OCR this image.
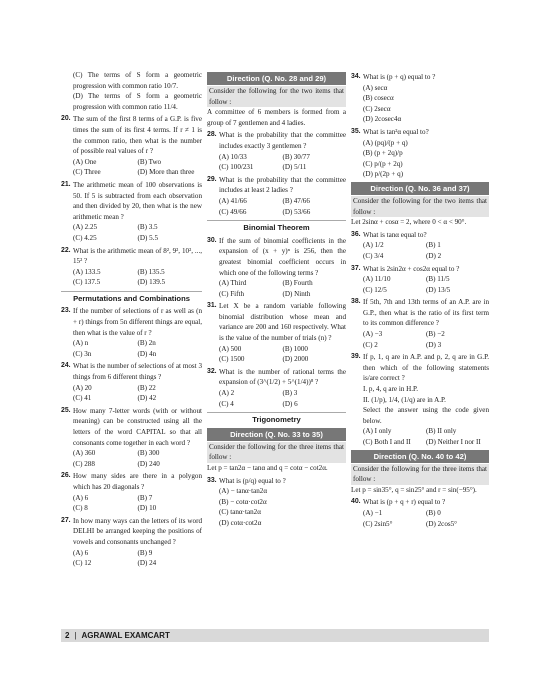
(C) The terms of S form a geometric progression with common ratio 10/7.
(D) The terms of S form a geometric progression with common ratio 11/4.
20. The sum of the first 8 terms of a G.P. is five times the sum of its first 4 terms. If r ≠ 1 is the common ratio, then what is the number of possible real values of r ?
(A) One	(B) Two
(C) Three	(D) More than three
21. The arithmetic mean of 100 observations is 50. If 5 is subtracted from each observation and then divided by 20, then what is the new arithmetic mean ?
(A) 2.25	(B) 3.5
(C) 4.25	(D) 5.5
22. What is the arithmetic mean of 8², 9², 10², ..., 15² ?
(A) 133.5	(B) 135.5
(C) 137.5	(D) 139.5
Permutations and Combinations
23. If the number of selections of r as well as (n + r) things from 5n different things are equal, then what is the value of r ?
(A) n	(B) 2n
(C) 3n	(D) 4n
24. What is the number of selections of at most 3 things from 6 different things ?
(A) 20	(B) 22
(C) 41	(D) 42
25. How many 7-letter words (with or without meaning) can be constructed using all the letters of the word CAPITAL so that all consonants come together in each word ?
(A) 360	(B) 300
(C) 288	(D) 240
26. How many sides are there in a polygon which has 20 diagonals ?
(A) 6	(B) 7
(C) 8	(D) 10
27. In how many ways can the letters of its word DELHI be arranged keeping the positions of vowels and consonants unchanged ?
(A) 6	(B) 9
(C) 12	(D) 24
Direction (Q. No. 28 and 29)
Consider the following for the two items that follow :
A committee of 6 members is formed from a group of 7 gentlemen and 4 ladies.
28. What is the probability that the committee includes exactly 3 gentlemen ?
(A) 10/33	(B) 30/77
(C) 100/231	(D) 5/11
29. What is the probability that the committee includes at least 2 ladies ?
(A) 41/66	(B) 47/66
(C) 49/66	(D) 53/66
Binomial Theorem
30. If the sum of binomial coefficients in the expansion of (x + y)ⁿ is 256, then the greatest binomial coefficient occurs in which one of the following terms ?
(A) Third	(B) Fourth
(C) Fifth	(D) Ninth
31. Let X be a random variable following binomial distribution whose mean and variance are 200 and 160 respectively. What is the value of the number of trials (n) ?
(A) 500	(B) 1000
(C) 1500	(D) 2000
32. What is the number of rational terms the expansion of (3^(1/2) + 5^(1/4))⁸ ?
(A) 2	(B) 3
(C) 4	(D) 6
Trigonometry
Direction (Q. No. 33 to 35)
Consider the following for the three items that follow :
Let p = tan2α − tanα and q = cotα − cot2α.
33. What is (p/q) equal to ?
(A) − tanα·tan2α
(B) − cotα·cot2α
(C) tanα·tan2α
(D) cotα·cot2α
34. What is (p + q) equal to ?
(A) secα
(B) cosecα
(C) 2secα
(D) 2cosec4α
35. What is tan²α equal to?
(A) (pq)/(p + q)
(B) (p + 2q)/p
(C) p/(p + 2q)
(D) p/(2p + q)
Direction (Q. No. 36 and 37)
Consider the following for the two items that follow :
Let 2sinα + cosα = 2, where 0 < α < 90°.
36. What is tanα equal to?
(A) 1/2	(B) 1
(C) 3/4	(D) 2
37. What is 2sin2α + cos2α equal to ?
(A) 11/10	(B) 11/5
(C) 12/5	(D) 13/5
38. If 5th, 7th and 13th terms of an A.P. are in G.P., then what is the ratio of its first term to its common difference ?
(A) −3	(B) −2
(C) 2	(D) 3
39. If p, 1, q are in A.P. and p, 2, q are in G.P. then which of the following statements is/are correct ?
I. p, 4, q are in H.P.
II. (1/p), 1/4, (1/q) are in A.P.
Select the answer using the code given below.
(A) I only	(B) II only
(C) Both I and II	(D) Neither I nor II
Direction (Q. No. 40 to 42)
Consider the following for the three items that follow :
Let p = sin35°, q = sin25° and r = sin(−95°).
40. What is (p + q + r) equal to ?
(A) −1	(B) 0
(C) 2sin5°	(D) 2cos5°
2 | AGRAWAL EXAMCART
